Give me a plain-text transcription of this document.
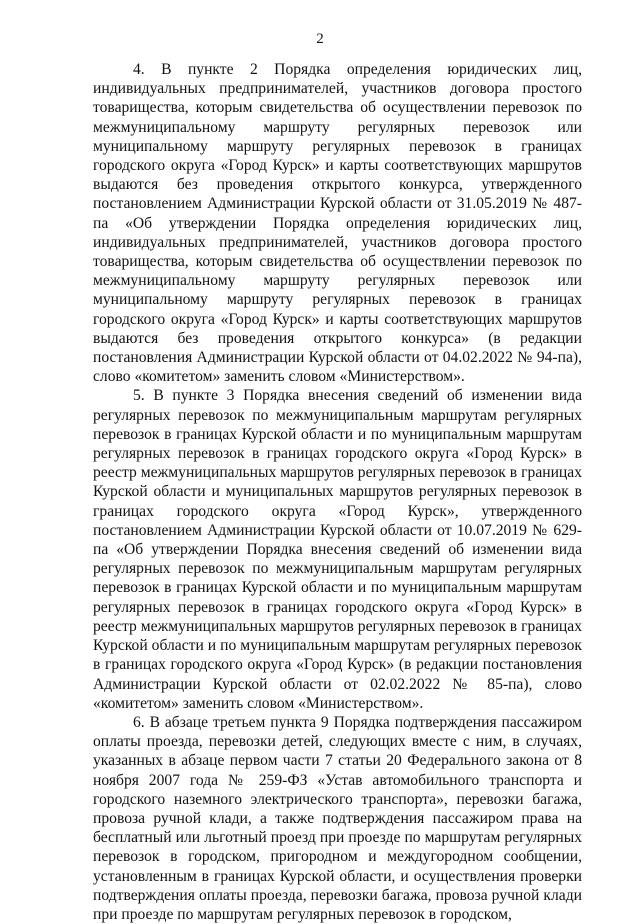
2

4. В пункте 2 Порядка определения юридических лиц, индивидуальных предпринимателей, участников договора простого товарищества, которым свидетельства об осуществлении перевозок по межмуниципальному маршруту регулярных перевозок или муниципальному маршруту регулярных перевозок в границах городского округа «Город Курск» и карты соответствующих маршрутов выдаются без проведения открытого конкурса, утвержденного постановлением Администрации Курской области от 31.05.2019 № 487-па «Об утверждении Порядка определения юридических лиц, индивидуальных предпринимателей, участников договора простого товарищества, которым свидетельства об осуществлении перевозок по межмуниципальному маршруту регулярных перевозок или муниципальному маршруту регулярных перевозок в границах городского округа «Город Курск» и карты соответствующих маршрутов выдаются без проведения открытого конкурса» (в редакции постановления Администрации Курской области от 04.02.2022 № 94-па), слово «комитетом» заменить словом «Министерством».

5. В пункте 3 Порядка внесения сведений об изменении вида регулярных перевозок по межмуниципальным маршрутам регулярных перевозок в границах Курской области и по муниципальным маршрутам регулярных перевозок в границах городского округа «Город Курск» в реестр межмуниципальных маршрутов регулярных перевозок в границах Курской области и муниципальных маршрутов регулярных перевозок в границах городского округа «Город Курск», утвержденного постановлением Администрации Курской области от 10.07.2019 № 629-па «Об утверждении Порядка внесения сведений об изменении вида регулярных перевозок по межмуниципальным маршрутам регулярных перевозок в границах Курской области и по муниципальным маршрутам регулярных перевозок в границах городского округа «Город Курск» в реестр межмуниципальных маршрутов регулярных перевозок в границах Курской области и по муниципальным маршрутам регулярных перевозок в границах городского округа «Город Курск» (в редакции постановления Администрации Курской области от 02.02.2022 № 85-па), слово «комитетом» заменить словом «Министерством».

6. В абзаце третьем пункта 9 Порядка подтверждения пассажиром оплаты проезда, перевозки детей, следующих вместе с ним, в случаях, указанных в абзаце первом части 7 статьи 20 Федерального закона от 8 ноября 2007 года № 259-ФЗ «Устав автомобильного транспорта и городского наземного электрического транспорта», перевозки багажа, провоза ручной клади, а также подтверждения пассажиром права на бесплатный или льготный проезд при проезде по маршрутам регулярных перевозок в городском, пригородном и междугородном сообщении, установленным в границах Курской области, и осуществления проверки подтверждения оплаты проезда, перевозки багажа, провоза ручной клади при проезде по маршрутам регулярных перевозок в городском,
